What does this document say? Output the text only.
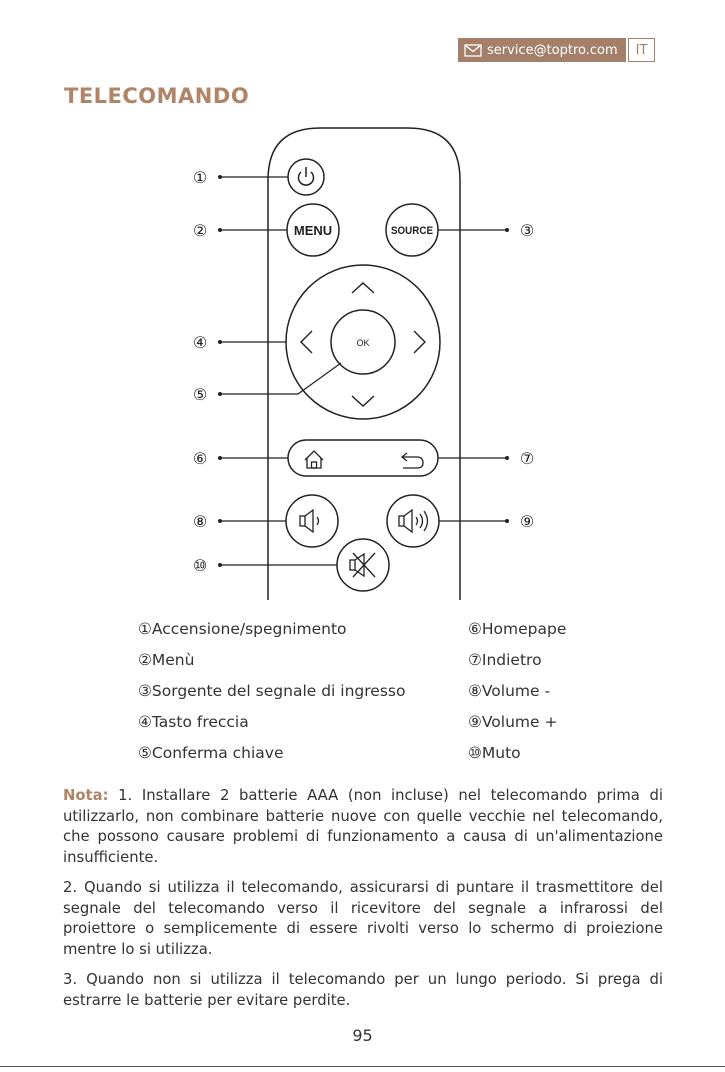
service@toptro.com	IT
TELECOMANDO
MENU	SOURCE
OK
①
②	③
④
⑤
⑥	⑦
⑧	⑨
⑩
①Accensione/spegnimento
②Menù
③Sorgente del segnale di ingresso
④Tasto freccia
⑤Conferma chiave
⑥Homepape
⑦Indietro
⑧Volume -
⑨Volume +
⑩Muto

Nota: 1. Installare 2 batterie AAA (non incluse) nel telecomando prima di utilizzarlo, non combinare batterie nuove con quelle vecchie nel telecomando, che possono causare problemi di funzionamento a causa di un'alimentazione insufficiente.

2. Quando si utilizza il telecomando, assicurarsi di puntare il trasmettitore del segnale del telecomando verso il ricevitore del segnale a infrarossi del proiettore o semplicemente di essere rivolti verso lo schermo di proiezione mentre lo si utilizza.

3. Quando non si utilizza il telecomando per un lungo periodo. Si prega di estrarre le batterie per evitare perdite.

95
